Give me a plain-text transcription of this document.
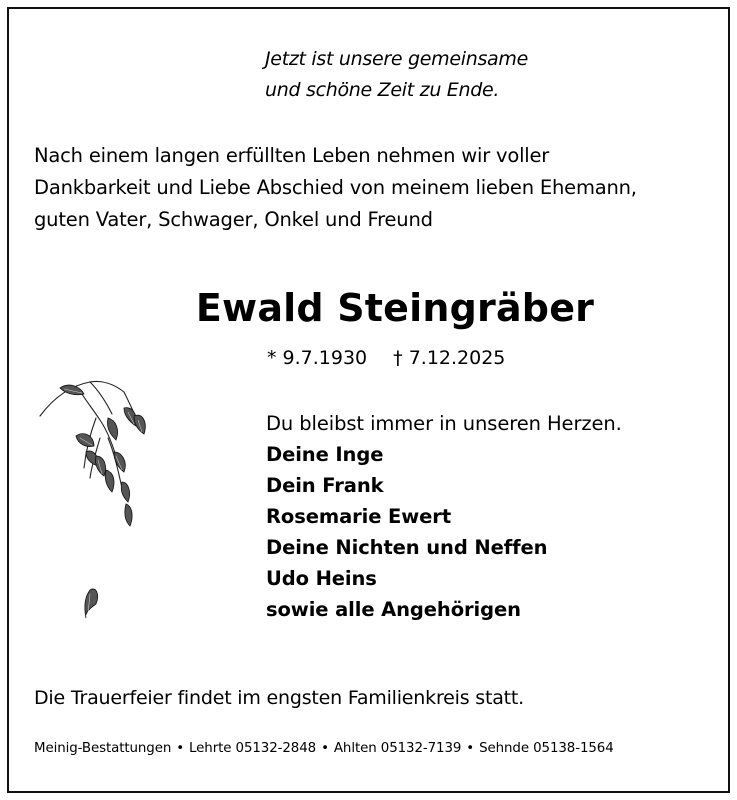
Jetzt ist unsere gemeinsame
und schöne Zeit zu Ende.
Nach einem langen erfüllten Leben nehmen wir voller
Dankbarkeit und Liebe Abschied von meinem lieben Ehemann,
guten Vater, Schwager, Onkel und Freund
Ewald Steingräber
* 9.7.1930 † 7.12.2025
Du bleibst immer in unseren Herzen.
Deine Inge
Dein Frank
Rosemarie Ewert
Deine Nichten und Neffen
Udo Heins
sowie alle Angehörigen
Die Trauerfeier findet im engsten Familienkreis statt.
Meinig-Bestattungen • Lehrte 05132-2848 • Ahlten 05132-7139 • Sehnde 05138-1564
